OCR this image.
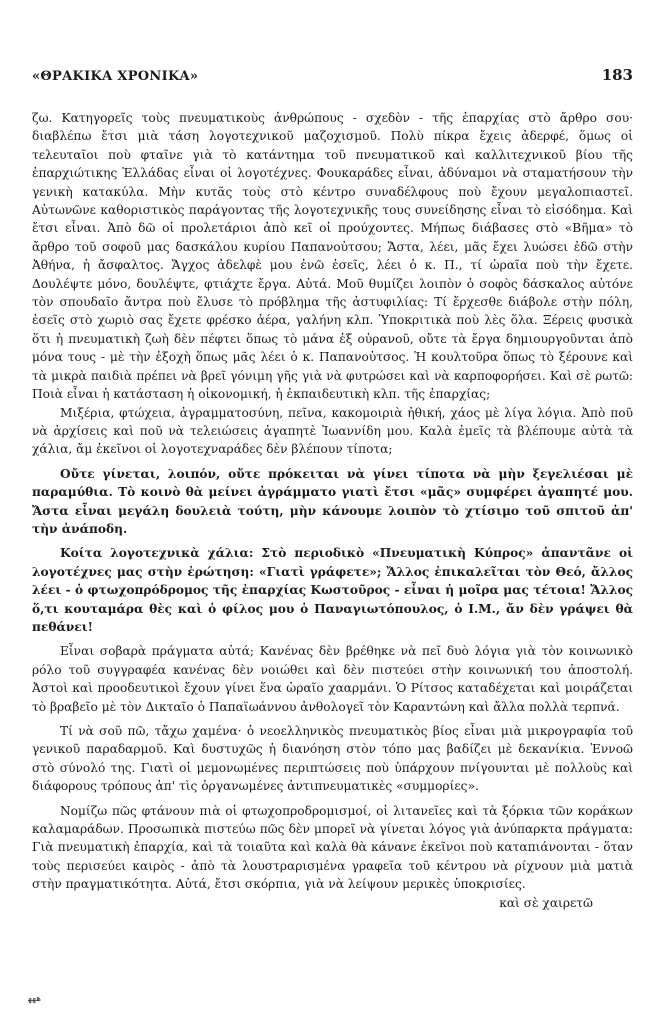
«ΘΡΑΚΙΚΑ ΧΡΟΝΙΚΑ»	183

ζω. Κατηγορεῖς τοὺς πνευματικοὺς ἀνθρώπους - σχεδὸν - τῆς ἐπαρχίας στὸ ἄρθρο σου· διαβλέπω ἔτσι μιὰ τάση λογοτεχνικοῦ μαζοχισμοῦ. Πολὺ πίκρα ἔχεις ἀδερφέ, ὅμως οἱ τελευταῖοι ποὺ φταῖνε γιὰ τὸ κατάντημα τοῦ πνευματικοῦ καὶ καλλιτεχνικοῦ βίου τῆς ἐπαρχιώτικης Ἑλλάδας εἶναι οἱ λογοτέχνες. Φουκαράδες εἶναι, ἀδύναμοι νὰ σταματήσουν τὴν γενικὴ κατακύλα. Μὴν κυτᾶς τοὺς στὸ κέντρο συναδέλφους ποὺ ἔχουν μεγαλοπιαστεῖ. Αὐτωνῶνε καθοριστικὸς παράγοντας τῆς λογοτεχνικῆς τους συνείδησης εἶναι τὸ εἰσόδημα. Καὶ ἔτσι εἶναι. Ἀπὸ δῶ οἱ προλετάριοι ἀπὸ κεῖ οἱ προύχοντες. Μήπως διάβασες στὸ «Βῆμα» τὸ ἄρθρο τοῦ σοφοῦ μας δασκάλου κυρίου Παπανοὐτσου; Ἄστα, λέει, μᾶς ἔχει λυώσει ἐδῶ στὴν Ἀθήνα, ἡ ἄσφαλτος. Ἄγχος ἀδελφὲ μου ἐνῶ ἐσεῖς, λέει ὁ κ. Π., τί ὡραῖα ποὺ τὴν ἔχετε. Δουλέψτε μόνο, δουλέψτε, φτιάχτε ἔργα. Αὐτά. Μοῦ θυμίζει λοιπὸν ὁ σοφὸς δάσκαλος αὐτόνε τὸν σπουδαῖο ἄντρα ποὺ ἔλυσε τὸ πρόβλημα τῆς ἀστυφιλίας: Τί ἔρχεσθε διάβολε στὴν πόλη, ἐσεῖς στὸ χωριὸ σας ἔχετε φρέσκο ἀέρα, γαλήνη κλπ. Ὑποκριτικὰ ποὺ λὲς ὅλα. Ξέρεις φυσικὰ ὅτι ἡ πνευματικὴ ζωὴ δὲν πέφτει ὅπως τὸ μάνα ἐξ οὐρανοῦ, οὔτε τὰ ἔργα δημιουργοῦνται ἀπὸ μόνα τους - μὲ τὴν ἐξοχὴ ὅπως μᾶς λέει ὁ κ. Παπανοὐτσος. Ἡ κουλτοῦρα ὅπως τὸ ξέρουνε καὶ τὰ μικρὰ παιδιὰ πρέπει νὰ βρεῖ γόνιμη γῆς γιὰ νὰ φυτρώσει καὶ νὰ καρποφορήσει. Καὶ σὲ ρωτῶ: Ποιὰ εἶναι ἡ κατάσταση ἡ οἰκονομική, ἡ ἐκπαιδευτικὴ κλπ. τῆς ἐπαρχίας;

Μιξέρια, φτώχεια, ἀγραμματοσύνη, πεῖνα, κακομοιριὰ ἠθική, χάος μὲ λίγα λόγια. Ἀπὸ ποῦ νὰ ἀρχίσεις καὶ ποῦ νὰ τελειώσεις ἀγαπητὲ Ἰωαννίδη μου. Καλὰ ἐμεῖς τὰ βλέπουμε αὐτὰ τὰ χάλια, ἄμ ἐκεῖνοι οἱ λογοτεχναράδες δὲν βλέπουν τίποτα;

Οὔτε γίνεται, λοιπόν, οὔτε πρόκειται νὰ γίνει τίποτα νὰ μὴν ξεγελιέσαι μὲ παραμύθια. Τὸ κοινὸ θὰ μείνει ἀγράμματο γιατὶ ἔτσι «μᾶς» συμφέρει ἀγαπητέ μου. Ἄστα εἶναι μεγάλη δουλειὰ τούτη, μὴν κάνουμε λοιπὸν τὸ χτίσιμο τοῦ σπιτοῦ ἀπ' τὴν ἀνάποδη.

Κοίτα λογοτεχνικὰ χάλια: Στὸ περιοδικὸ «Πνευματικὴ Κύπρος» ἀπαντᾶνε οἱ λογοτέχνες μας στὴν ἐρώτηση: «Γιατὶ γράφετε»; Ἄλλος ἐπικαλεῖται τὸν Θεό, ἄλλος λέει - ὁ φτωχοπρόδρομος τῆς ἐπαρχίας Κωστοῦρος - εἶναι ἡ μοῖρα μας τέτοια! Ἄλλος ὅ,τι κουταμάρα θὲς καὶ ὁ φίλος μου ὁ Παναγιωτόπουλος, ὁ Ι.Μ., ἄν δὲν γράψει θὰ πεθάνει!

Εἶναι σοβαρὰ πράγματα αὐτά; Κανένας δὲν βρέθηκε νὰ πεῖ δυὸ λόγια γιὰ τὸν κοινωνικὸ ρόλο τοῦ συγγραφέα κανένας δὲν νοιώθει καὶ δὲν πιστεύει στὴν κοινωνική του ἀποστολή. Ἀστοὶ καὶ προοδευτικοὶ ἔχουν γίνει ἕνα ὡραῖο χααρμάνι. Ὁ Ρίτσος καταδέχεται καὶ μοιράζεται τὸ βραβεῖο μὲ τὸν Δικταῖο ὁ Παπαϊωάννου ἀνθολογεῖ τὸν Καραντώνη καὶ ἄλλα πολλὰ τερπνά.

Τί νὰ σοῦ πῶ, τἄχω χαμένα· ὁ νεοελληνικὸς πνευματικὸς βίος εἶναι μιὰ μικρογραφία τοῦ γενικοῦ παραδαρμοῦ. Καὶ δυστυχῶς ἡ διανόηση στὸν τόπο μας βαδίζει μὲ δεκανίκια. Ἐννοῶ στὸ σύνολό της. Γιατὶ οἱ μεμονωμένες περιπτώσεις ποὺ ὑπάρχουν πνίγουνται μὲ πολλοὺς καὶ διάφορους τρόπους ἀπ' τὶς ὀργανωμένες ἀντιπνευματικὲς «συμμορίες».

Νομίζω πῶς φτάνουν πιὰ οἱ φτωχοπροδρομισμοί, οἱ λιτανεῖες καὶ τὰ ξόρκια τῶν κοράκων καλαμαράδων. Προσωπικὰ πιστεύω πῶς δὲν μπορεῖ νὰ γίνεται λόγος γιὰ ἀνύπαρκτα πράγματα: Γιὰ πνευματικὴ ἐπαρχία, καὶ τὰ τοιαῦτα καὶ καλὰ θὰ κάνανε ἐκεῖνοι ποὺ καταπιάνονται - ὅταν τοὺς περισεύει καιρὸς - ἀπὸ τὰ λουστραρισμένα γραφεῖα τοῦ κέντρου νὰ ρίχνουν μιὰ ματιὰ στὴν πραγματικότητα. Αὐτά, ἔτσι σκόρπια, γιὰ νὰ λείψουν μερικὲς ὑποκρισίες.

καὶ σὲ χαιρετῶ

ﻫﻬﻬ
